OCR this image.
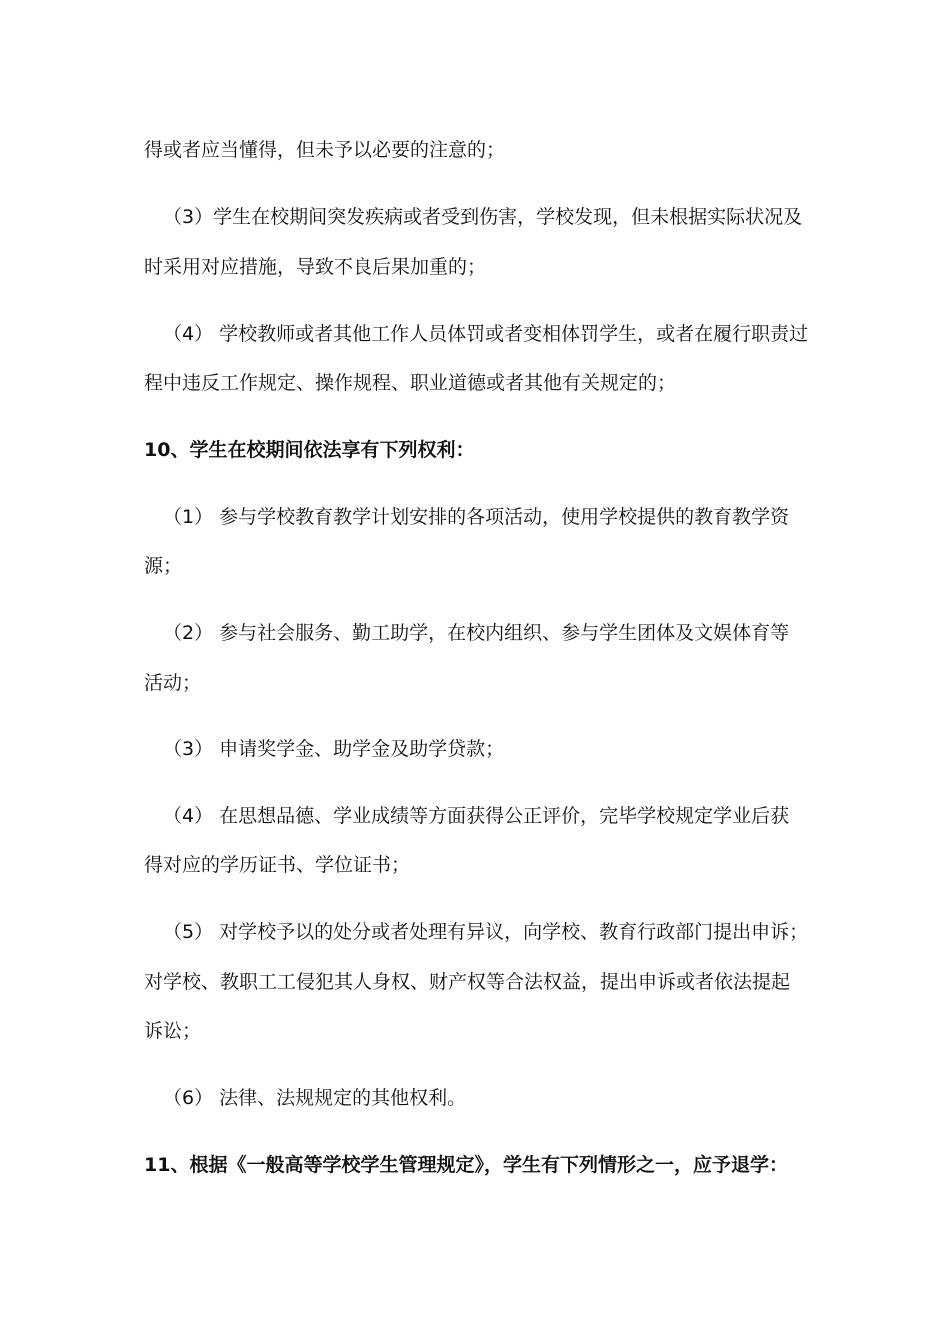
得或者应当懂得，但未予以必要的注意的；
（3）学生在校期间突发疾病或者受到伤害，学校发现，但未根据实际状况及
时采用对应措施，导致不良后果加重的；
（4） 学校教师或者其他工作人员体罚或者变相体罚学生，或者在履行职责过
程中违反工作规定、操作规程、职业道德或者其他有关规定的；
10、学生在校期间依法享有下列权利：
（1） 参与学校教育教学计划安排的各项活动，使用学校提供的教育教学资
源；
（2） 参与社会服务、勤工助学，在校内组织、参与学生团体及文娱体育等
活动；
（3） 申请奖学金、助学金及助学贷款；
（4） 在思想品德、学业成绩等方面获得公正评价，完毕学校规定学业后获
得对应的学历证书、学位证书；
（5） 对学校予以的处分或者处理有异议，向学校、教育行政部门提出申诉；
对学校、教职工工侵犯其人身权、财产权等合法权益，提出申诉或者依法提起
诉讼；
（6） 法律、法规规定的其他权利。
11、根据《一般高等学校学生管理规定》，学生有下列情形之一，应予退学：
